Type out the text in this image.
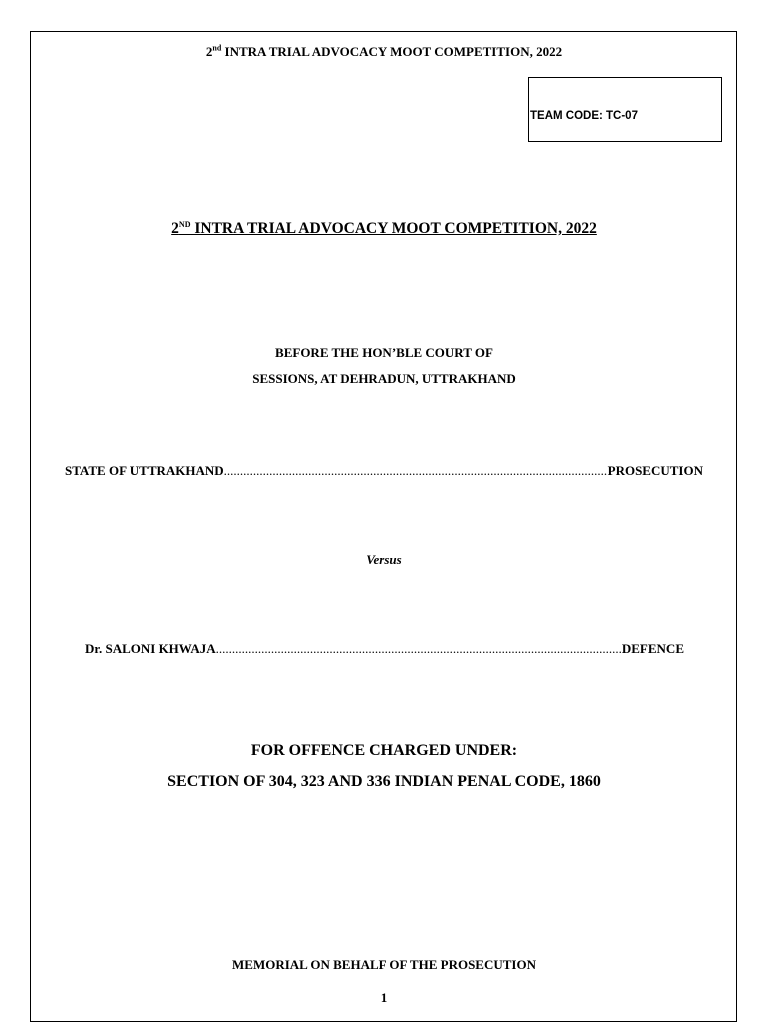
2nd INTRA TRIAL ADVOCACY MOOT COMPETITION, 2022
TEAM CODE: TC-07
2ND INTRA TRIAL ADVOCACY MOOT COMPETITION, 2022
BEFORE THE HON’BLE COURT OF
SESSIONS, AT DEHRADUN, UTTRAKHAND
STATE OF UTTRAKHAND .....	PROSECUTION
Versus
Dr. SALONI KHWAJA .....	DEFENCE
FOR OFFENCE CHARGED UNDER:
SECTION OF 304, 323 AND 336 INDIAN PENAL CODE, 1860
MEMORIAL ON BEHALF OF THE PROSECUTION
1
